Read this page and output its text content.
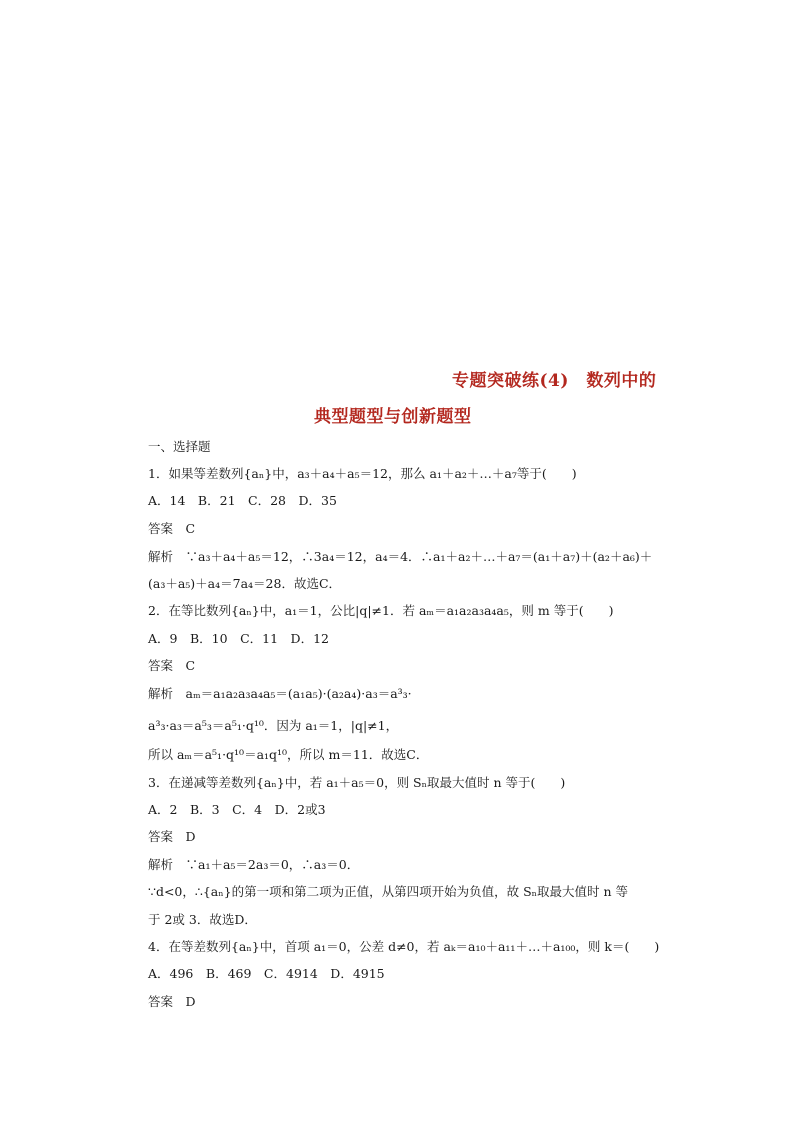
专题突破练(4)　数列中的
典型题型与创新题型
一、选择题
1．如果等差数列{aₙ}中，a₃＋a₄＋a₅＝12，那么 a₁＋a₂＋…＋a₇等于(　　)
A．14　B．21　C．28　D．35
答案　C
解析　∵a₃＋a₄＋a₅＝12，∴3a₄＝12，a₄＝4．∴a₁＋a₂＋…＋a₇＝(a₁＋a₇)＋(a₂＋a₆)＋
(a₃＋a₅)＋a₄＝7a₄＝28．故选C．
2．在等比数列{aₙ}中，a₁＝1，公比|q|≠1．若 aₘ＝a₁a₂a₃a₄a₅，则 m 等于(　　)
A．9　B．10　C．11　D．12
答案　C
解析　aₘ＝a₁a₂a₃a₄a₅＝(a₁a₅)·(a₂a₄)·a₃＝a³₃·
a³₃·a₃＝a⁵₃＝a⁵₁·q¹⁰．因为 a₁＝1，|q|≠1，
所以 aₘ＝a⁵₁·q¹⁰＝a₁q¹⁰，所以 m＝11．故选C．
3．在递减等差数列{aₙ}中，若 a₁＋a₅＝0，则 Sₙ取最大值时 n 等于(　　)
A．2　B．3　C．4　D．2或3
答案　D
解析　∵a₁＋a₅＝2a₃＝0，∴a₃＝0．
∵d<0，∴{aₙ}的第一项和第二项为正值，从第四项开始为负值，故 Sₙ取最大值时 n 等
于 2或 3．故选D．
4．在等差数列{aₙ}中，首项 a₁＝0，公差 d≠0，若 aₖ＝a₁₀＋a₁₁＋…＋a₁₀₀，则 k＝(　　)
A．496　B．469　C．4914　D．4915
答案　D
